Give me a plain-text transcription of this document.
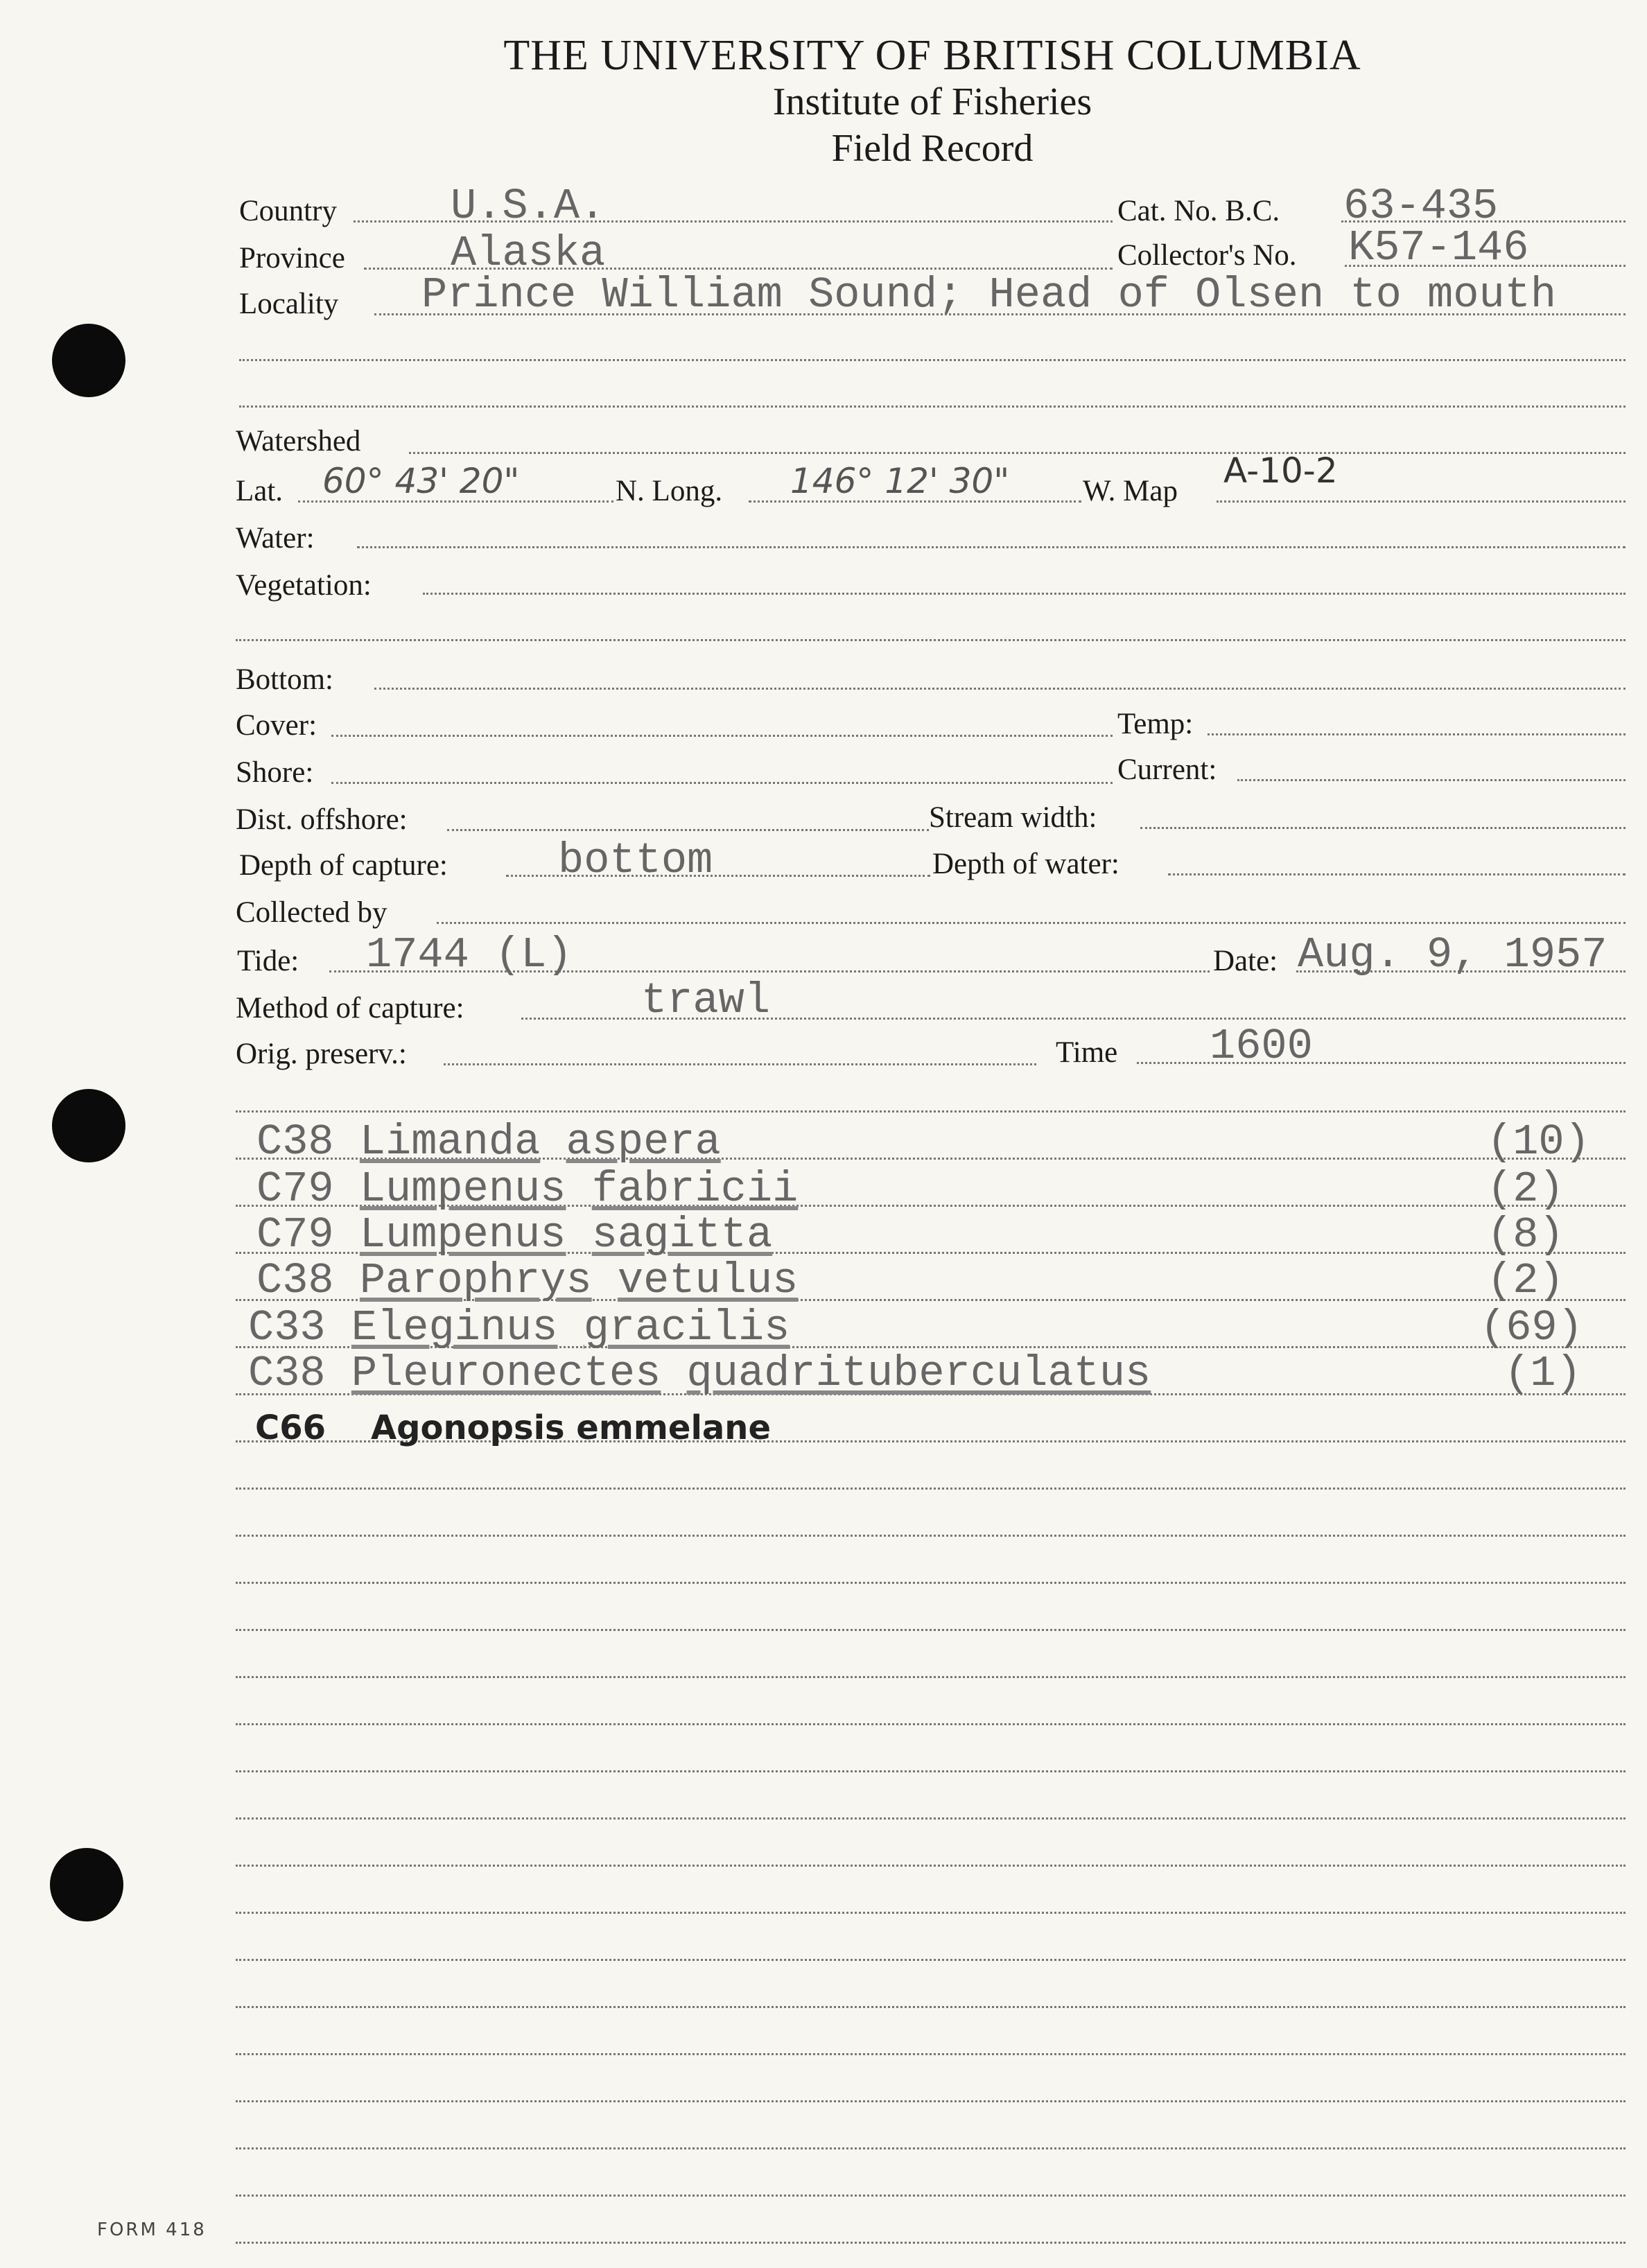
THE UNIVERSITY OF BRITISH COLUMBIA
Institute of Fisheries
Field Record
Country	U.S.A.	Cat. No. B.C. 63-435
Province Alaska	Collector's No. K57-146
Locality Prince William Sound; Head of Olsen to mouth
Watershed
Lat. 60° 43' 20"	N. Long. 146° 12' 30" W. Map
A-10-2
Water:
Vegetation:
Bottom:
Cover:	Temp:
Shore:	Current:
Dist. offshore:	Stream width:
Depth of capture:	bottom	Depth of water:
Collected by
Tide: 1744 (L)	Date: Aug. 9, 1957
Method of capture:	trawl
Orig. preserv.:	Time 1600
C38 Limanda aspera	(10)
C79 Lumpenus fabricii	(2)
C79 Lumpenus sagitta	(8)
C38 Parophrys vetulus	(2)
C33 Eleginus gracilis	(69)
C38 Pleuronectes quadrituberculatus	(1)
C66 Agonopsis emmelane
FORM 418
